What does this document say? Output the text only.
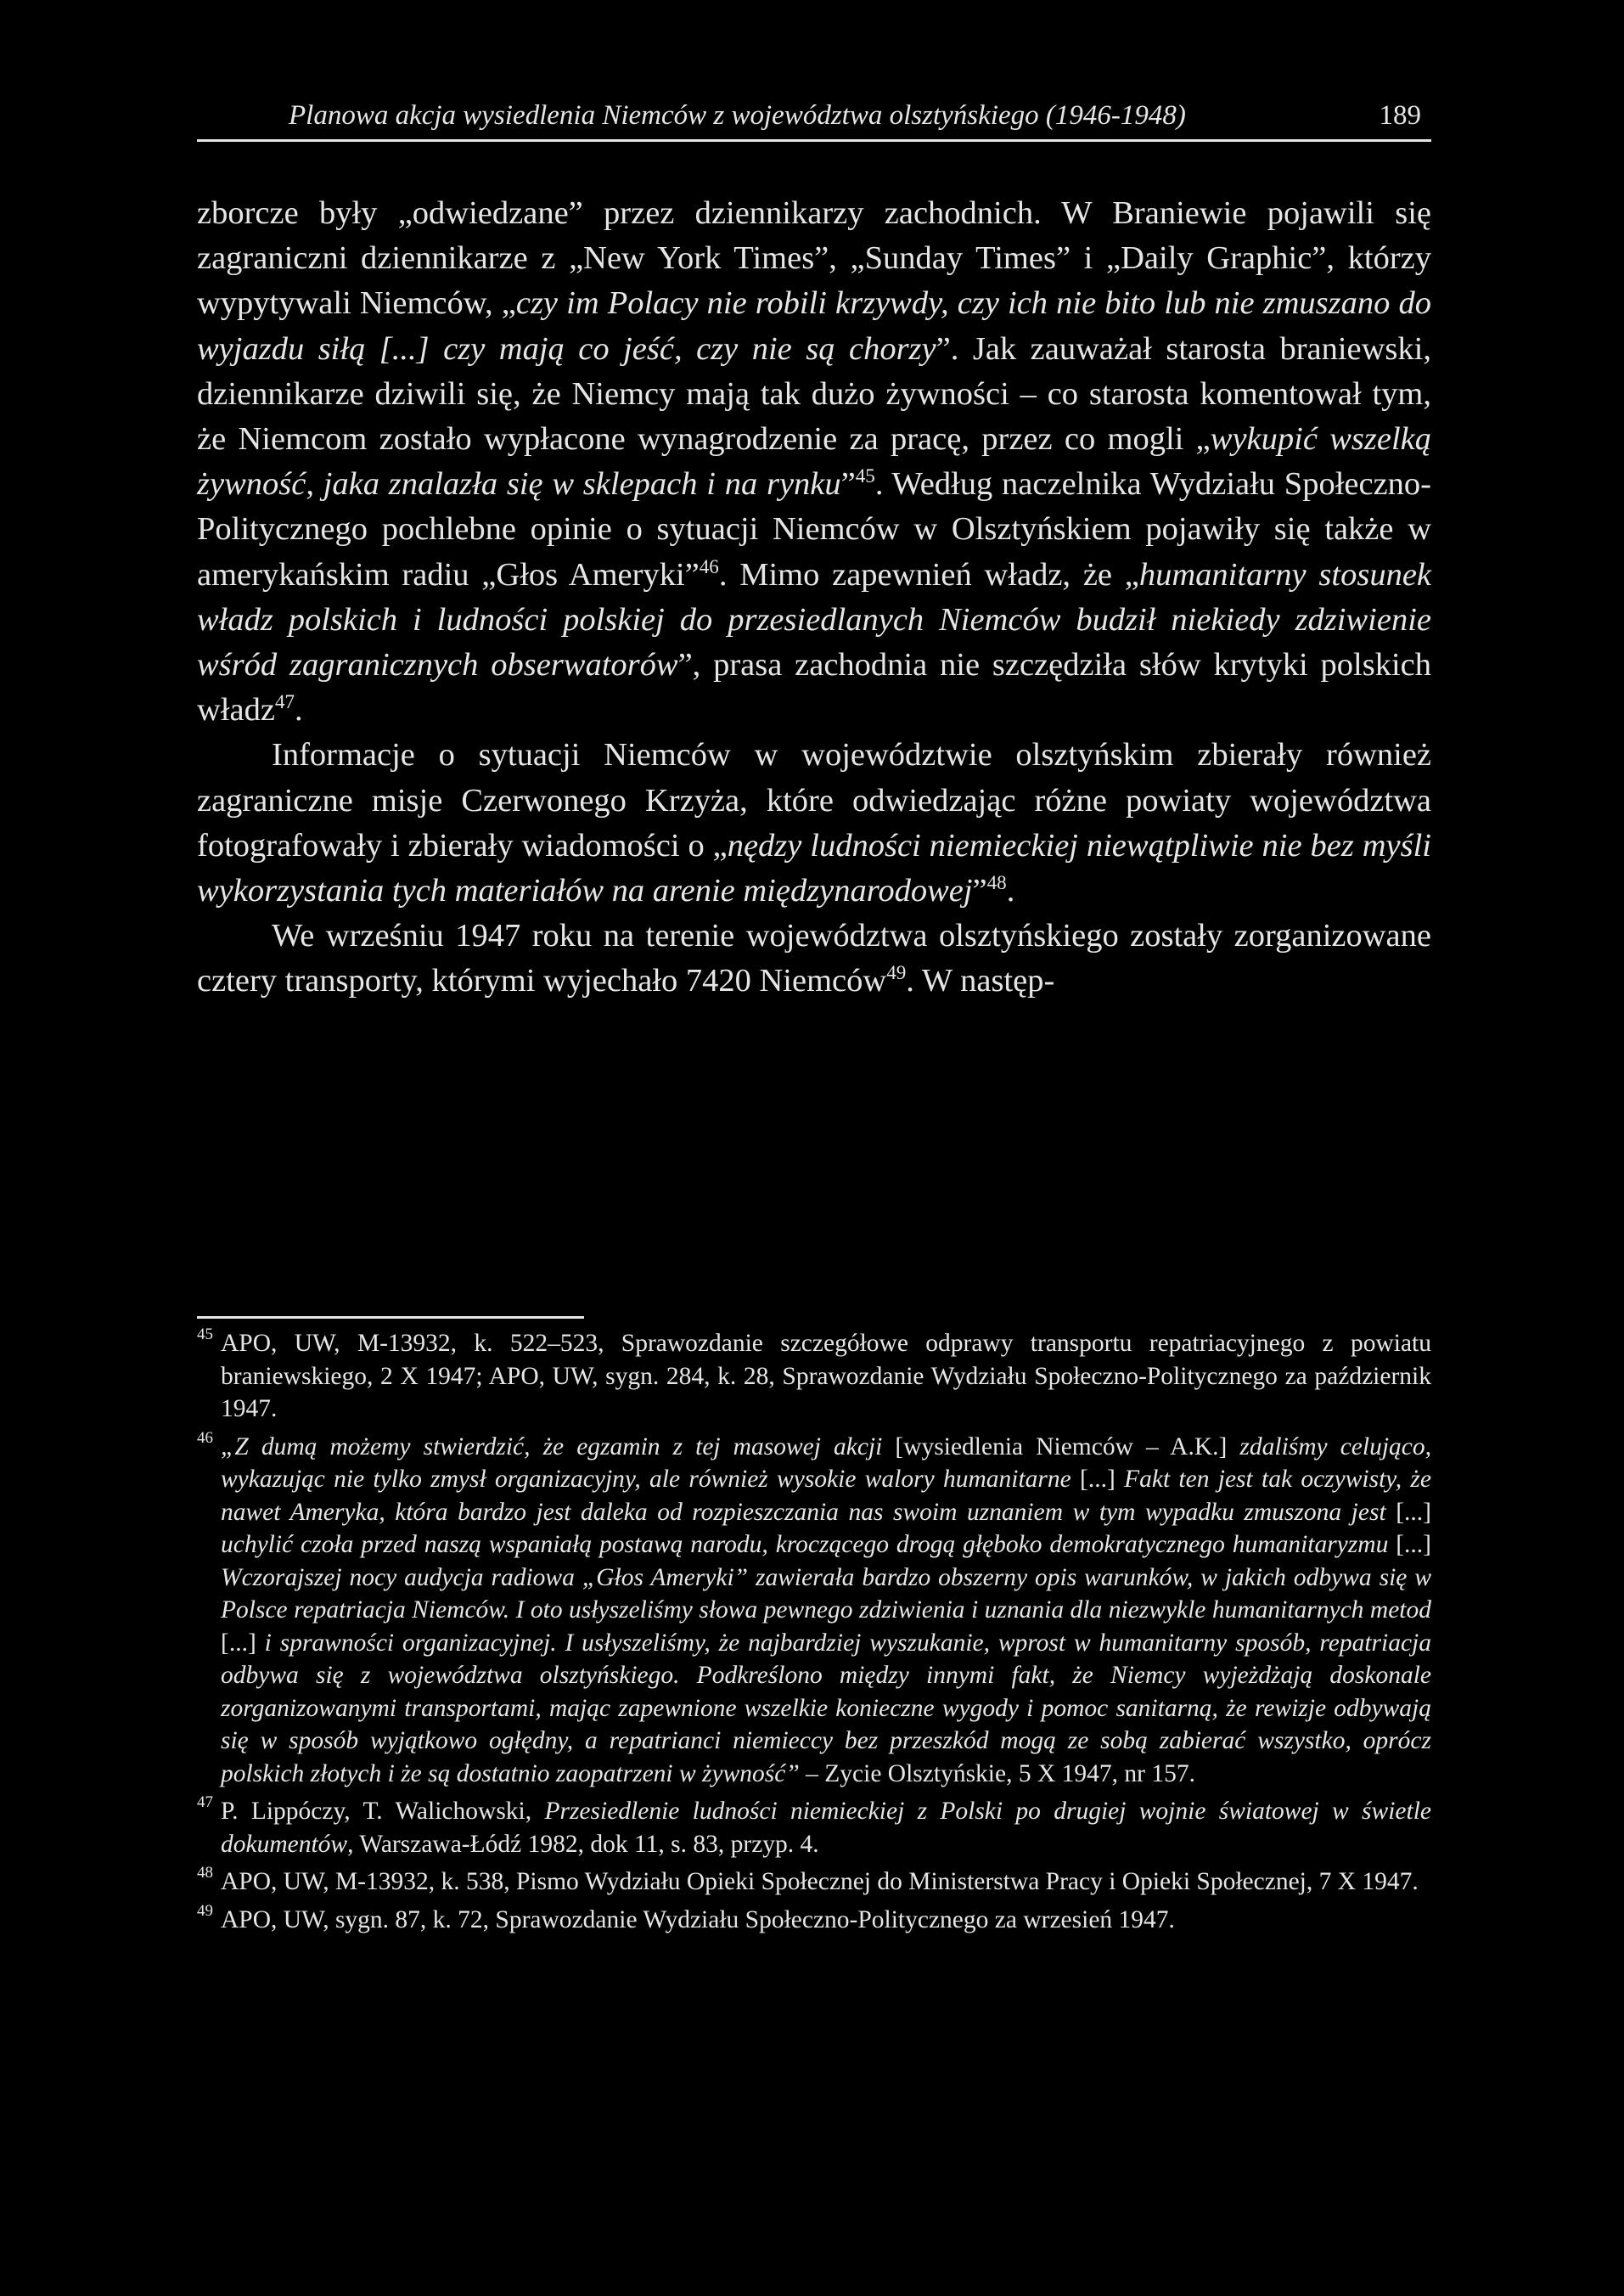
Planowa akcja wysiedlenia Niemców z województwa olsztyńskiego (1946-1948)	189

zborcze były „odwiedzane” przez dziennikarzy zachodnich. W Braniewie pojawili się zagraniczni dziennikarze z „New York Times”, „Sunday Times” i „Daily Graphic”, którzy wypytywali Niemców, „czy im Polacy nie robili krzywdy, czy ich nie bito lub nie zmuszano do wyjazdu siłą [...] czy mają co jeść, czy nie są chorzy”. Jak zauważał starosta braniewski, dziennikarze dziwili się, że Niemcy mają tak dużo żywności – co starosta komentował tym, że Niemcom zostało wypłacone wynagrodzenie za pracę, przez co mogli „wykupić wszelką żywność, jaka znalazła się w sklepach i na rynku”$^{45}$. Według naczelnika Wydziału Społeczno-Politycznego pochlebne opinie o sytuacji Niemców w Olsztyńskiem pojawiły się także w amerykańskim radiu „Głos Ameryki”$^{46}$. Mimo zapewnień władz, że „humanitarny stosunek władz polskich i ludności polskiej do przesiedlanych Niemców budził niekiedy zdziwienie wśród zagranicznych obserwatorów”, prasa zachodnia nie szczędziła słów krytyki polskich władz$^{47}$.

Informacje o sytuacji Niemców w województwie olsztyńskim zbierały również zagraniczne misje Czerwonego Krzyża, które odwiedzając różne powiaty województwa fotografowały i zbierały wiadomości o „nędzy ludności niemieckiej niewątpliwie nie bez myśli wykorzystania tych materiałów na arenie międzynarodowej”$^{48}$.

We wrześniu 1947 roku na terenie województwa olsztyńskiego zostały zorganizowane cztery transporty, którymi wyjechało 7420 Niemców$^{49}$. W następ-

45 APO, UW, M-13932, k. 522–523, Sprawozdanie szczegółowe odprawy transportu repatriacyjnego z powiatu braniewskiego, 2 X 1947; APO, UW, sygn. 284, k. 28, Sprawozdanie Wydziału Społeczno-Politycznego za październik 1947.

46 „Z dumą możemy stwierdzić, że egzamin z tej masowej akcji [wysiedlenia Niemców – A.K.] zdaliśmy celująco, wykazując nie tylko zmysł organizacyjny, ale również wysokie walory humanitarne [...] Fakt ten jest tak oczywisty, że nawet Ameryka, która bardzo jest daleka od rozpieszczania nas swoim uznaniem w tym wypadku zmuszona jest [...] uchylić czoła przed naszą wspaniałą postawą narodu, kroczącego drogą głęboko demokratycznego humanitaryzmu [...] Wczorajszej nocy audycja radiowa „Głos Ameryki” zawierała bardzo obszerny opis warunków, w jakich odbywa się w Polsce repatriacja Niemców. I oto usłyszeliśmy słowa pewnego zdziwienia i uznania dla niezwykle humanitarnych metod [...] i sprawności organizacyjnej. I usłyszeliśmy, że najbardziej wyszukanie, wprost w humanitarny sposób, repatriacja odbywa się z województwa olsztyńskiego. Podkreślono między innymi fakt, że Niemcy wyjeżdżają doskonale zorganizowanymi transportami, mając zapewnione wszelkie konieczne wygody i pomoc sanitarną, że rewizje odbywają się w sposób wyjątkowo ogłędny, a repatrianci niemieccy bez przeszkód mogą ze sobą zabierać wszystko, oprócz polskich złotych i że są dostatnio zaopatrzeni w żywność” – Zycie Olsztyńskie, 5 X 1947, nr 157.

47 P. Lippóczy, T. Walichowski, Przesiedlenie ludności niemieckiej z Polski po drugiej wojnie światowej w świetle dokumentów, Warszawa-Łódź 1982, dok 11, s. 83, przyp. 4.

48 APO, UW, M-13932, k. 538, Pismo Wydziału Opieki Społecznej do Ministerstwa Pracy i Opieki Społecznej, 7 X 1947.

49 APO, UW, sygn. 87, k. 72, Sprawozdanie Wydziału Społeczno-Politycznego za wrzesień 1947.
